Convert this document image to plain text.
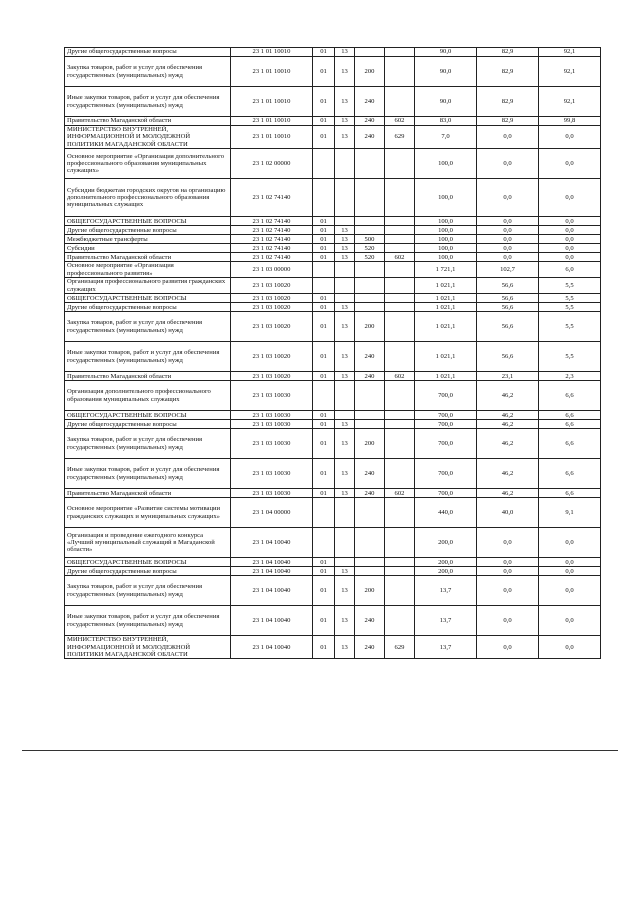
Другие общегосударственные вопросы	23 1 01 10010	01	13			90,0	82,9	92,1
Закупка товаров, работ и услуг для обеспечения государственных (муниципальных) нужд	23 1 01 10010	01	13	200		90,0	82,9	92,1
Иные закупки товаров, работ и услуг для обеспечения государственных (муниципальных) нужд	23 1 01 10010	01	13	240		90,0	82,9	92,1
Правительство Магаданской области	23 1 01 10010	01	13	240	602	83,0	82,9	99,8
МИНИСТЕРСТВО ВНУТРЕННЕЙ, ИНФОРМАЦИОННОЙ И МОЛОДЕЖНОЙ ПОЛИТИКИ МАГАДАНСКОЙ ОБЛАСТИ	23 1 01 10010	01	13	240	629	7,0	0,0	0,0
Основное мероприятие «Организация дополнительного профессионального образования муниципальных служащих»	23 1 02 00000					100,0	0,0	0,0
Субсидии бюджетам городских округов на организацию дополнительного профессионального образования муниципальных служащих	23 1 02 74140					100,0	0,0	0,0
ОБЩЕГОСУДАРСТВЕННЫЕ ВОПРОСЫ	23 1 02 74140	01				100,0	0,0	0,0
Другие общегосударственные вопросы	23 1 02 74140	01	13			100,0	0,0	0,0
Межбюджетные трансферты	23 1 02 74140	01	13	500		100,0	0,0	0,0
Субсидии	23 1 02 74140	01	13	520		100,0	0,0	0,0
Правительство Магаданской области	23 1 02 74140	01	13	520	602	100,0	0,0	0,0
Основное мероприятие «Организация профессионального развития»	23 1 03 00000					1 721,1	102,7	6,0
Организация профессионального развития гражданских служащих	23 1 03 10020					1 021,1	56,6	5,5
ОБЩЕГОСУДАРСТВЕННЫЕ ВОПРОСЫ	23 1 03 10020	01				1 021,1	56,6	5,5
Другие общегосударственные вопросы	23 1 03 10020	01	13			1 021,1	56,6	5,5
Закупка товаров, работ и услуг для обеспечения государственных (муниципальных) нужд	23 1 03 10020	01	13	200		1 021,1	56,6	5,5
Иные закупки товаров, работ и услуг для обеспечения государственных (муниципальных) нужд	23 1 03 10020	01	13	240		1 021,1	56,6	5,5
Правительство Магаданской области	23 1 03 10020	01	13	240	602	1 021,1	23,1	2,3
Организация дополнительного профессионального образования муниципальных служащих	23 1 03 10030					700,0	46,2	6,6
ОБЩЕГОСУДАРСТВЕННЫЕ ВОПРОСЫ	23 1 03 10030	01				700,0	46,2	6,6
Другие общегосударственные вопросы	23 1 03 10030	01	13			700,0	46,2	6,6
Закупка товаров, работ и услуг для обеспечения государственных (муниципальных) нужд	23 1 03 10030	01	13	200		700,0	46,2	6,6
Иные закупки товаров, работ и услуг для обеспечения государственных (муниципальных) нужд	23 1 03 10030	01	13	240		700,0	46,2	6,6
Правительство Магаданской области	23 1 03 10030	01	13	240	602	700,0	46,2	6,6
Основное мероприятие «Развитие системы мотивации гражданских служащих и муниципальных служащих»	23 1 04 00000					440,0	40,0	9,1
Организация и проведение ежегодного конкурса «Лучший муниципальный служащий в Магаданской области»	23 1 04 10040					200,0	0,0	0,0
ОБЩЕГОСУДАРСТВЕННЫЕ ВОПРОСЫ	23 1 04 10040	01				200,0	0,0	0,0
Другие общегосударственные вопросы	23 1 04 10040	01	13			200,0	0,0	0,0
Закупка товаров, работ и услуг для обеспечения государственных (муниципальных) нужд	23 1 04 10040	01	13	200		13,7	0,0	0,0
Иные закупки товаров, работ и услуг для обеспечения государственных (муниципальных) нужд	23 1 04 10040	01	13	240		13,7	0,0	0,0
МИНИСТЕРСТВО ВНУТРЕННЕЙ, ИНФОРМАЦИОННОЙ И МОЛОДЕЖНОЙ ПОЛИТИКИ МАГАДАНСКОЙ ОБЛАСТИ	23 1 04 10040	01	13	240	629	13,7	0,0	0,0
